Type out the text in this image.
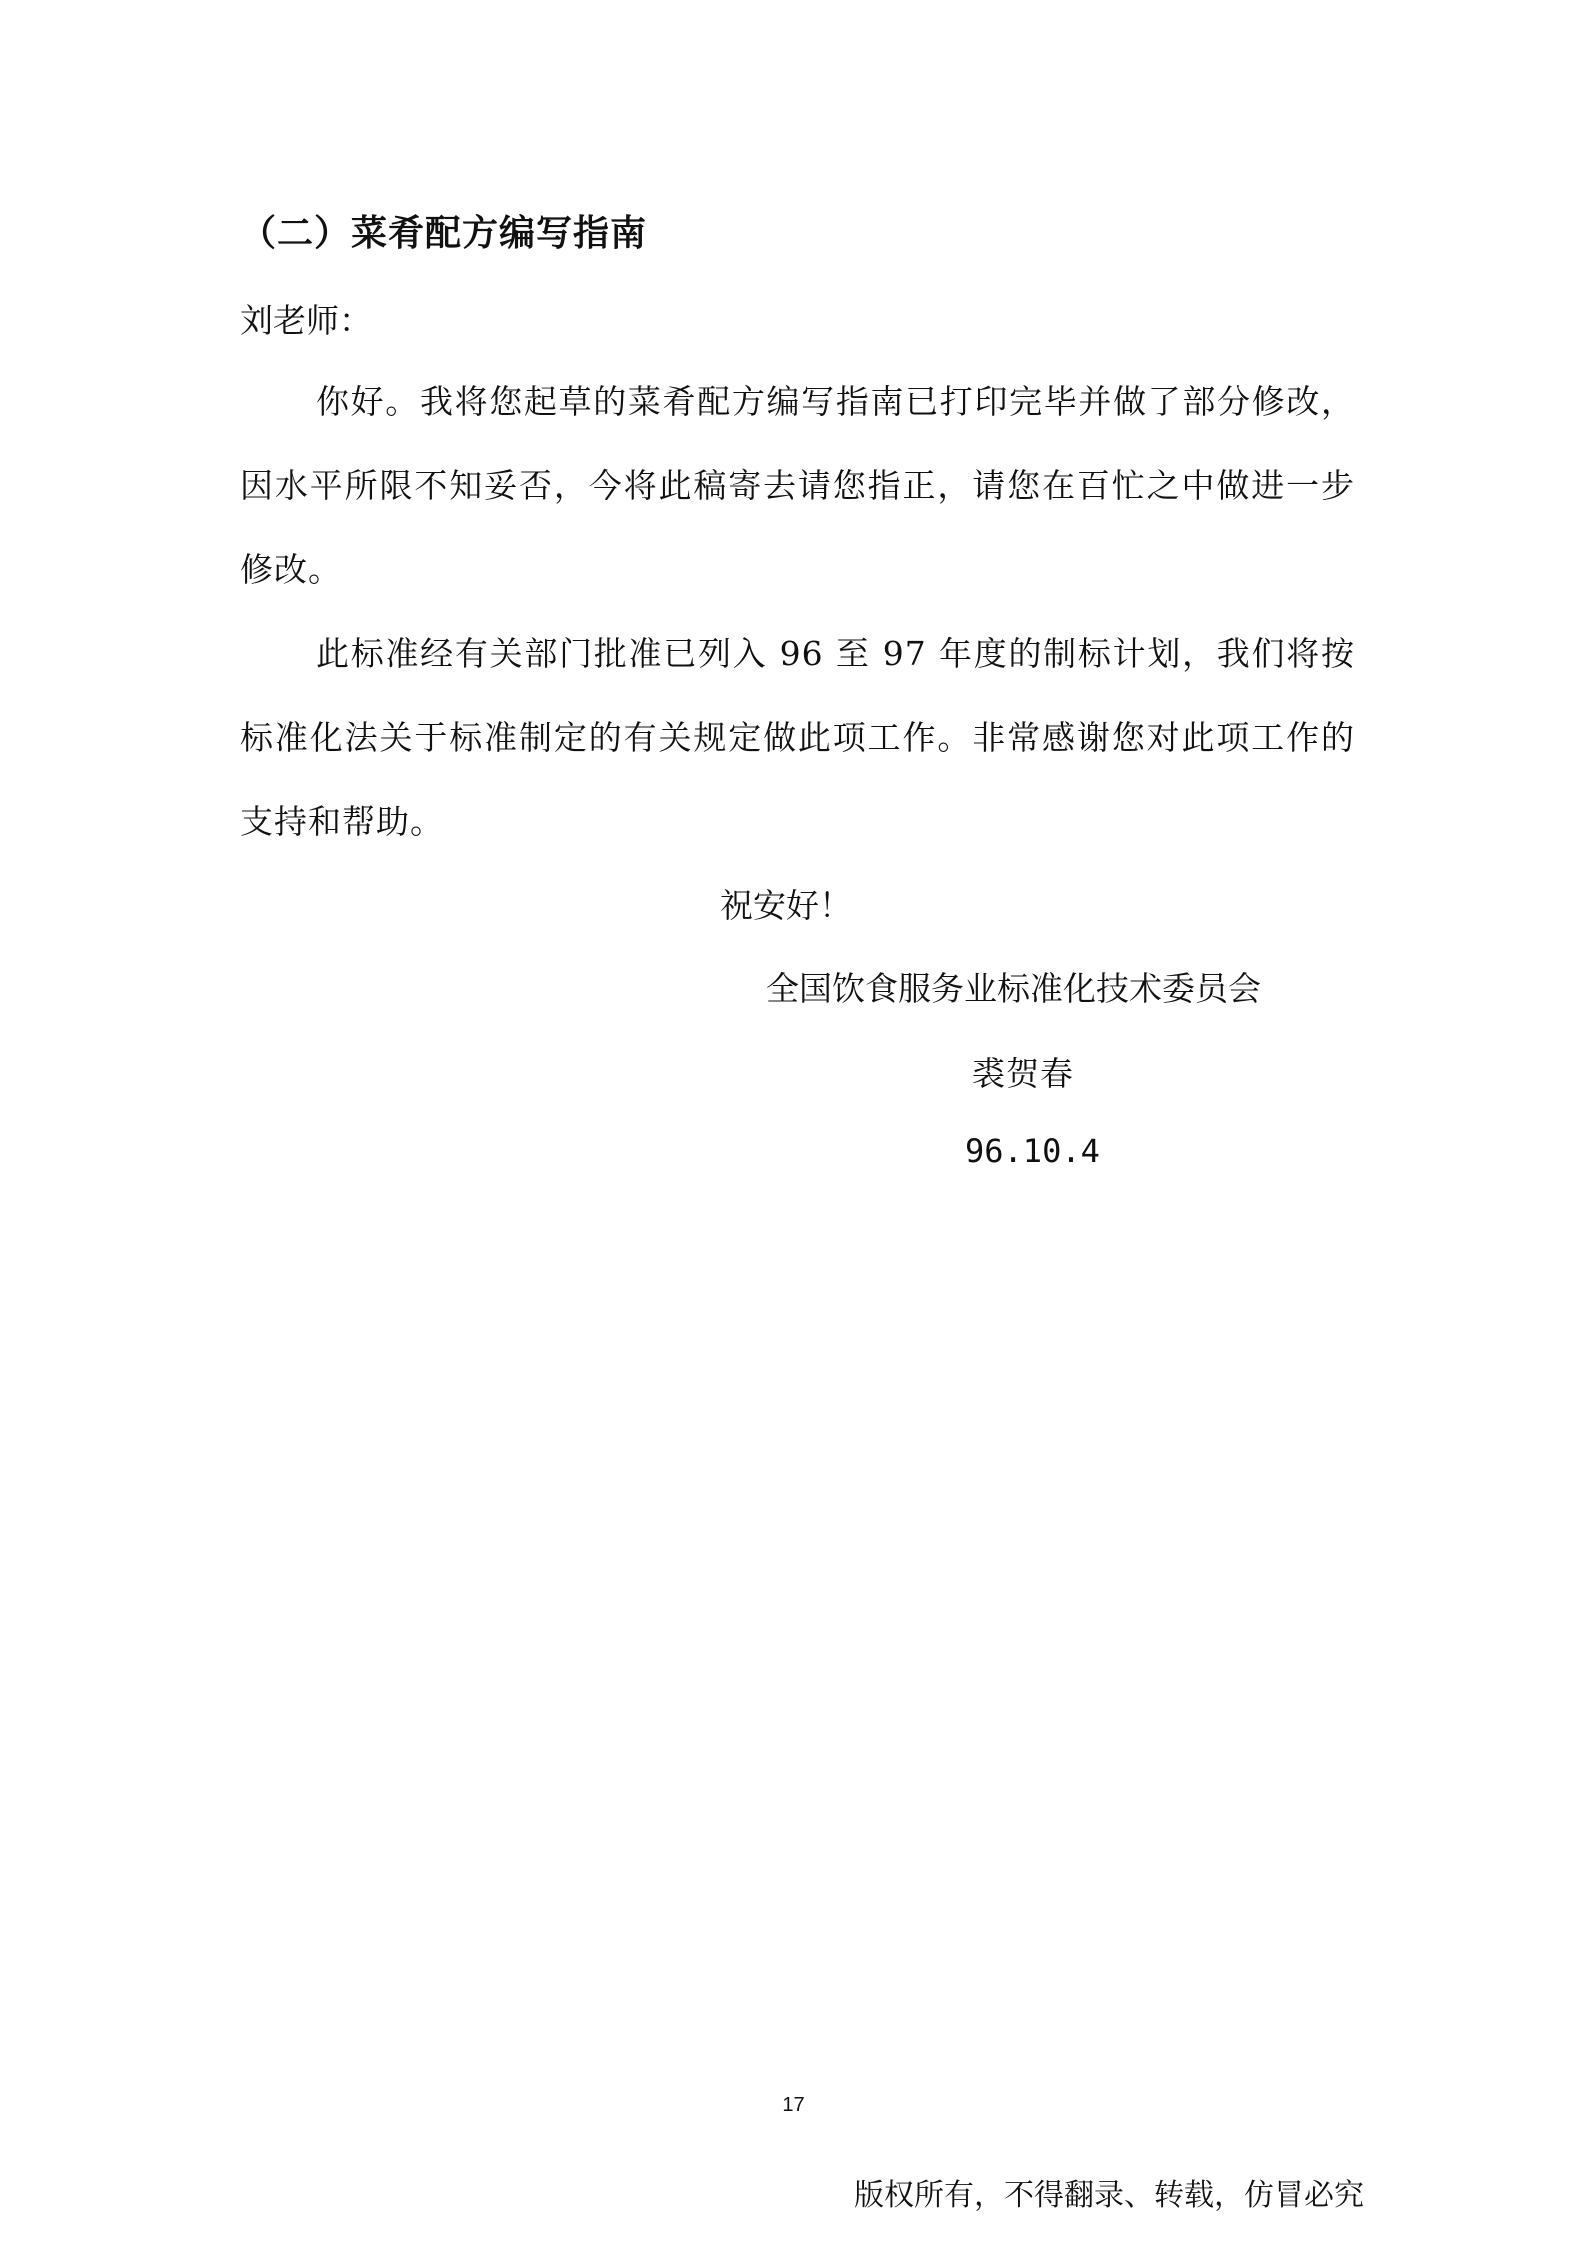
（二）菜肴配方编写指南
刘老师：

你好。我将您起草的菜肴配方编写指南已打印完毕并做了部分修改，因水平所限不知妥否，今将此稿寄去请您指正，请您在百忙之中做进一步修改。

此标准经有关部门批准已列入 96 至 97 年度的制标计划，我们将按标准化法关于标准制定的有关规定做此项工作。非常感谢您对此项工作的支持和帮助。

祝安好！
全国饮食服务业标准化技术委员会
裘贺春
96.10.4
17
版权所有，不得翻录、转载，仿冒必究
